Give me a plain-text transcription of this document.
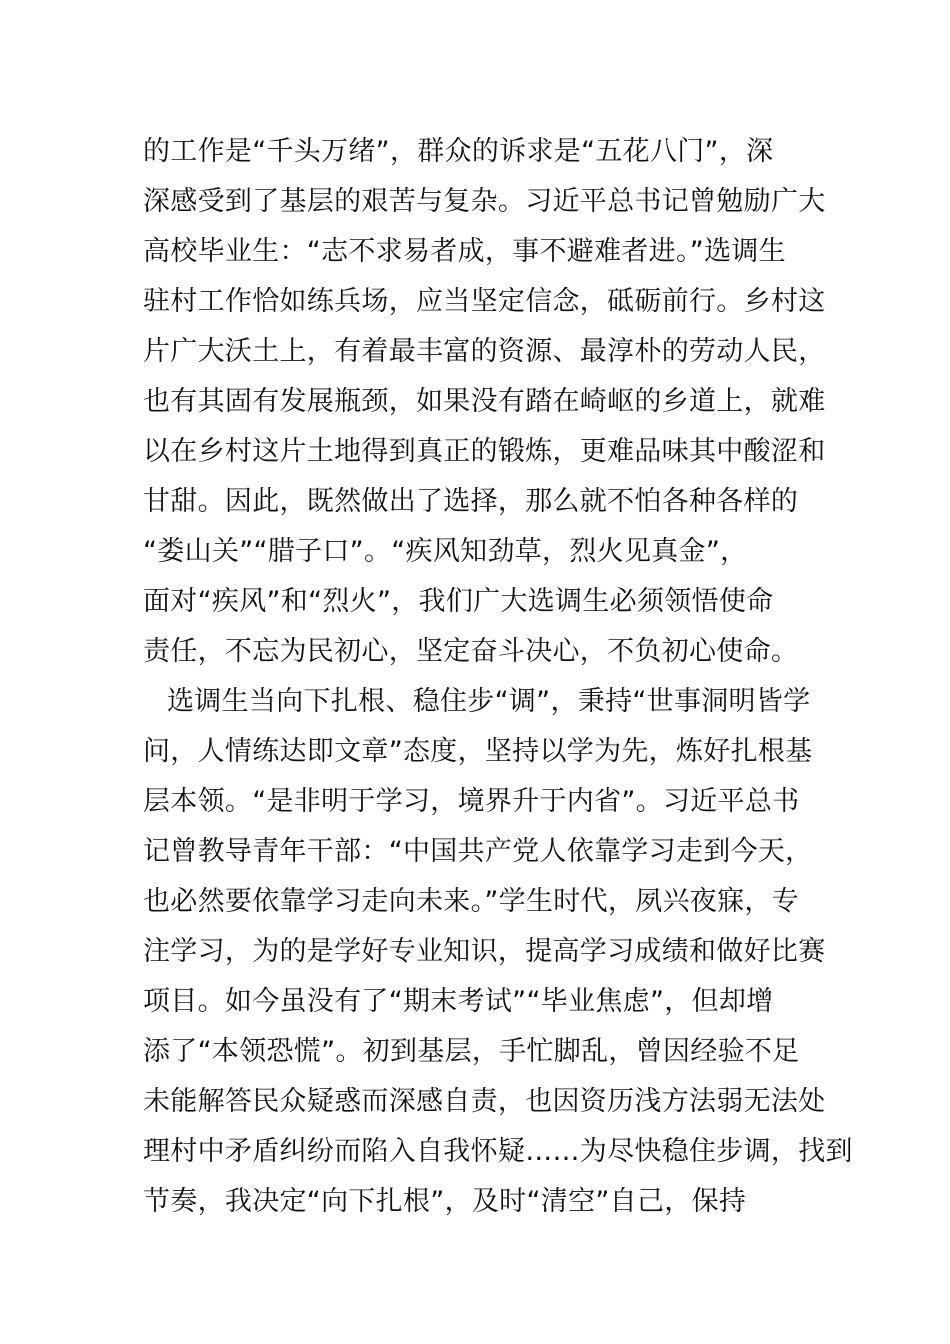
的工作是“千头万绪”，群众的诉求是“五花八门”，深
深感受到了基层的艰苦与复杂。习近平总书记曾勉励广大
高校毕业生：“志不求易者成，事不避难者进。”选调生
驻村工作恰如练兵场，应当坚定信念，砥砺前行。乡村这
片广大沃土上，有着最丰富的资源、最淳朴的劳动人民，
也有其固有发展瓶颈，如果没有踏在崎岖的乡道上，就难
以在乡村这片土地得到真正的锻炼，更难品味其中酸涩和
甘甜。因此，既然做出了选择，那么就不怕各种各样的
“娄山关”“腊子口”。“疾风知劲草，烈火见真金”，
面对“疾风”和“烈火”，我们广大选调生必须领悟使命
责任，不忘为民初心，坚定奋斗决心，不负初心使命。
选调生当向下扎根、稳住步“调”，秉持“世事洞明皆学
问，人情练达即文章”态度，坚持以学为先，炼好扎根基
层本领。“是非明于学习，境界升于内省”。习近平总书
记曾教导青年干部：“中国共产党人依靠学习走到今天，
也必然要依靠学习走向未来。”学生时代，夙兴夜寐，专
注学习，为的是学好专业知识，提高学习成绩和做好比赛
项目。如今虽没有了“期末考试”“毕业焦虑”，但却增
添了“本领恐慌”。初到基层，手忙脚乱，曾因经验不足
未能解答民众疑惑而深感自责，也因资历浅方法弱无法处
理村中矛盾纠纷而陷入自我怀疑……为尽快稳住步调，找到
节奏，我决定“向下扎根”，及时“清空”自己，保持
